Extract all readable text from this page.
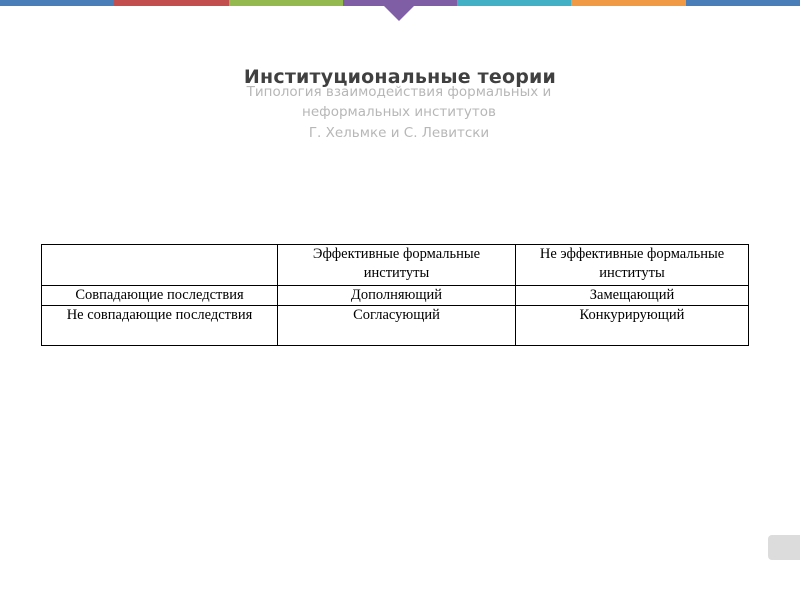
Типология взаимодействия формальных и неформальных институтов
Г. Хельмке и С. Левитски
Институциональные теории
	Эффективные формальные институты	Не эффективные формальные институты
Совпадающие последствия	Дополняющий	Замещающий
Не совпадающие последствия	Согласующий	Конкурирующий
